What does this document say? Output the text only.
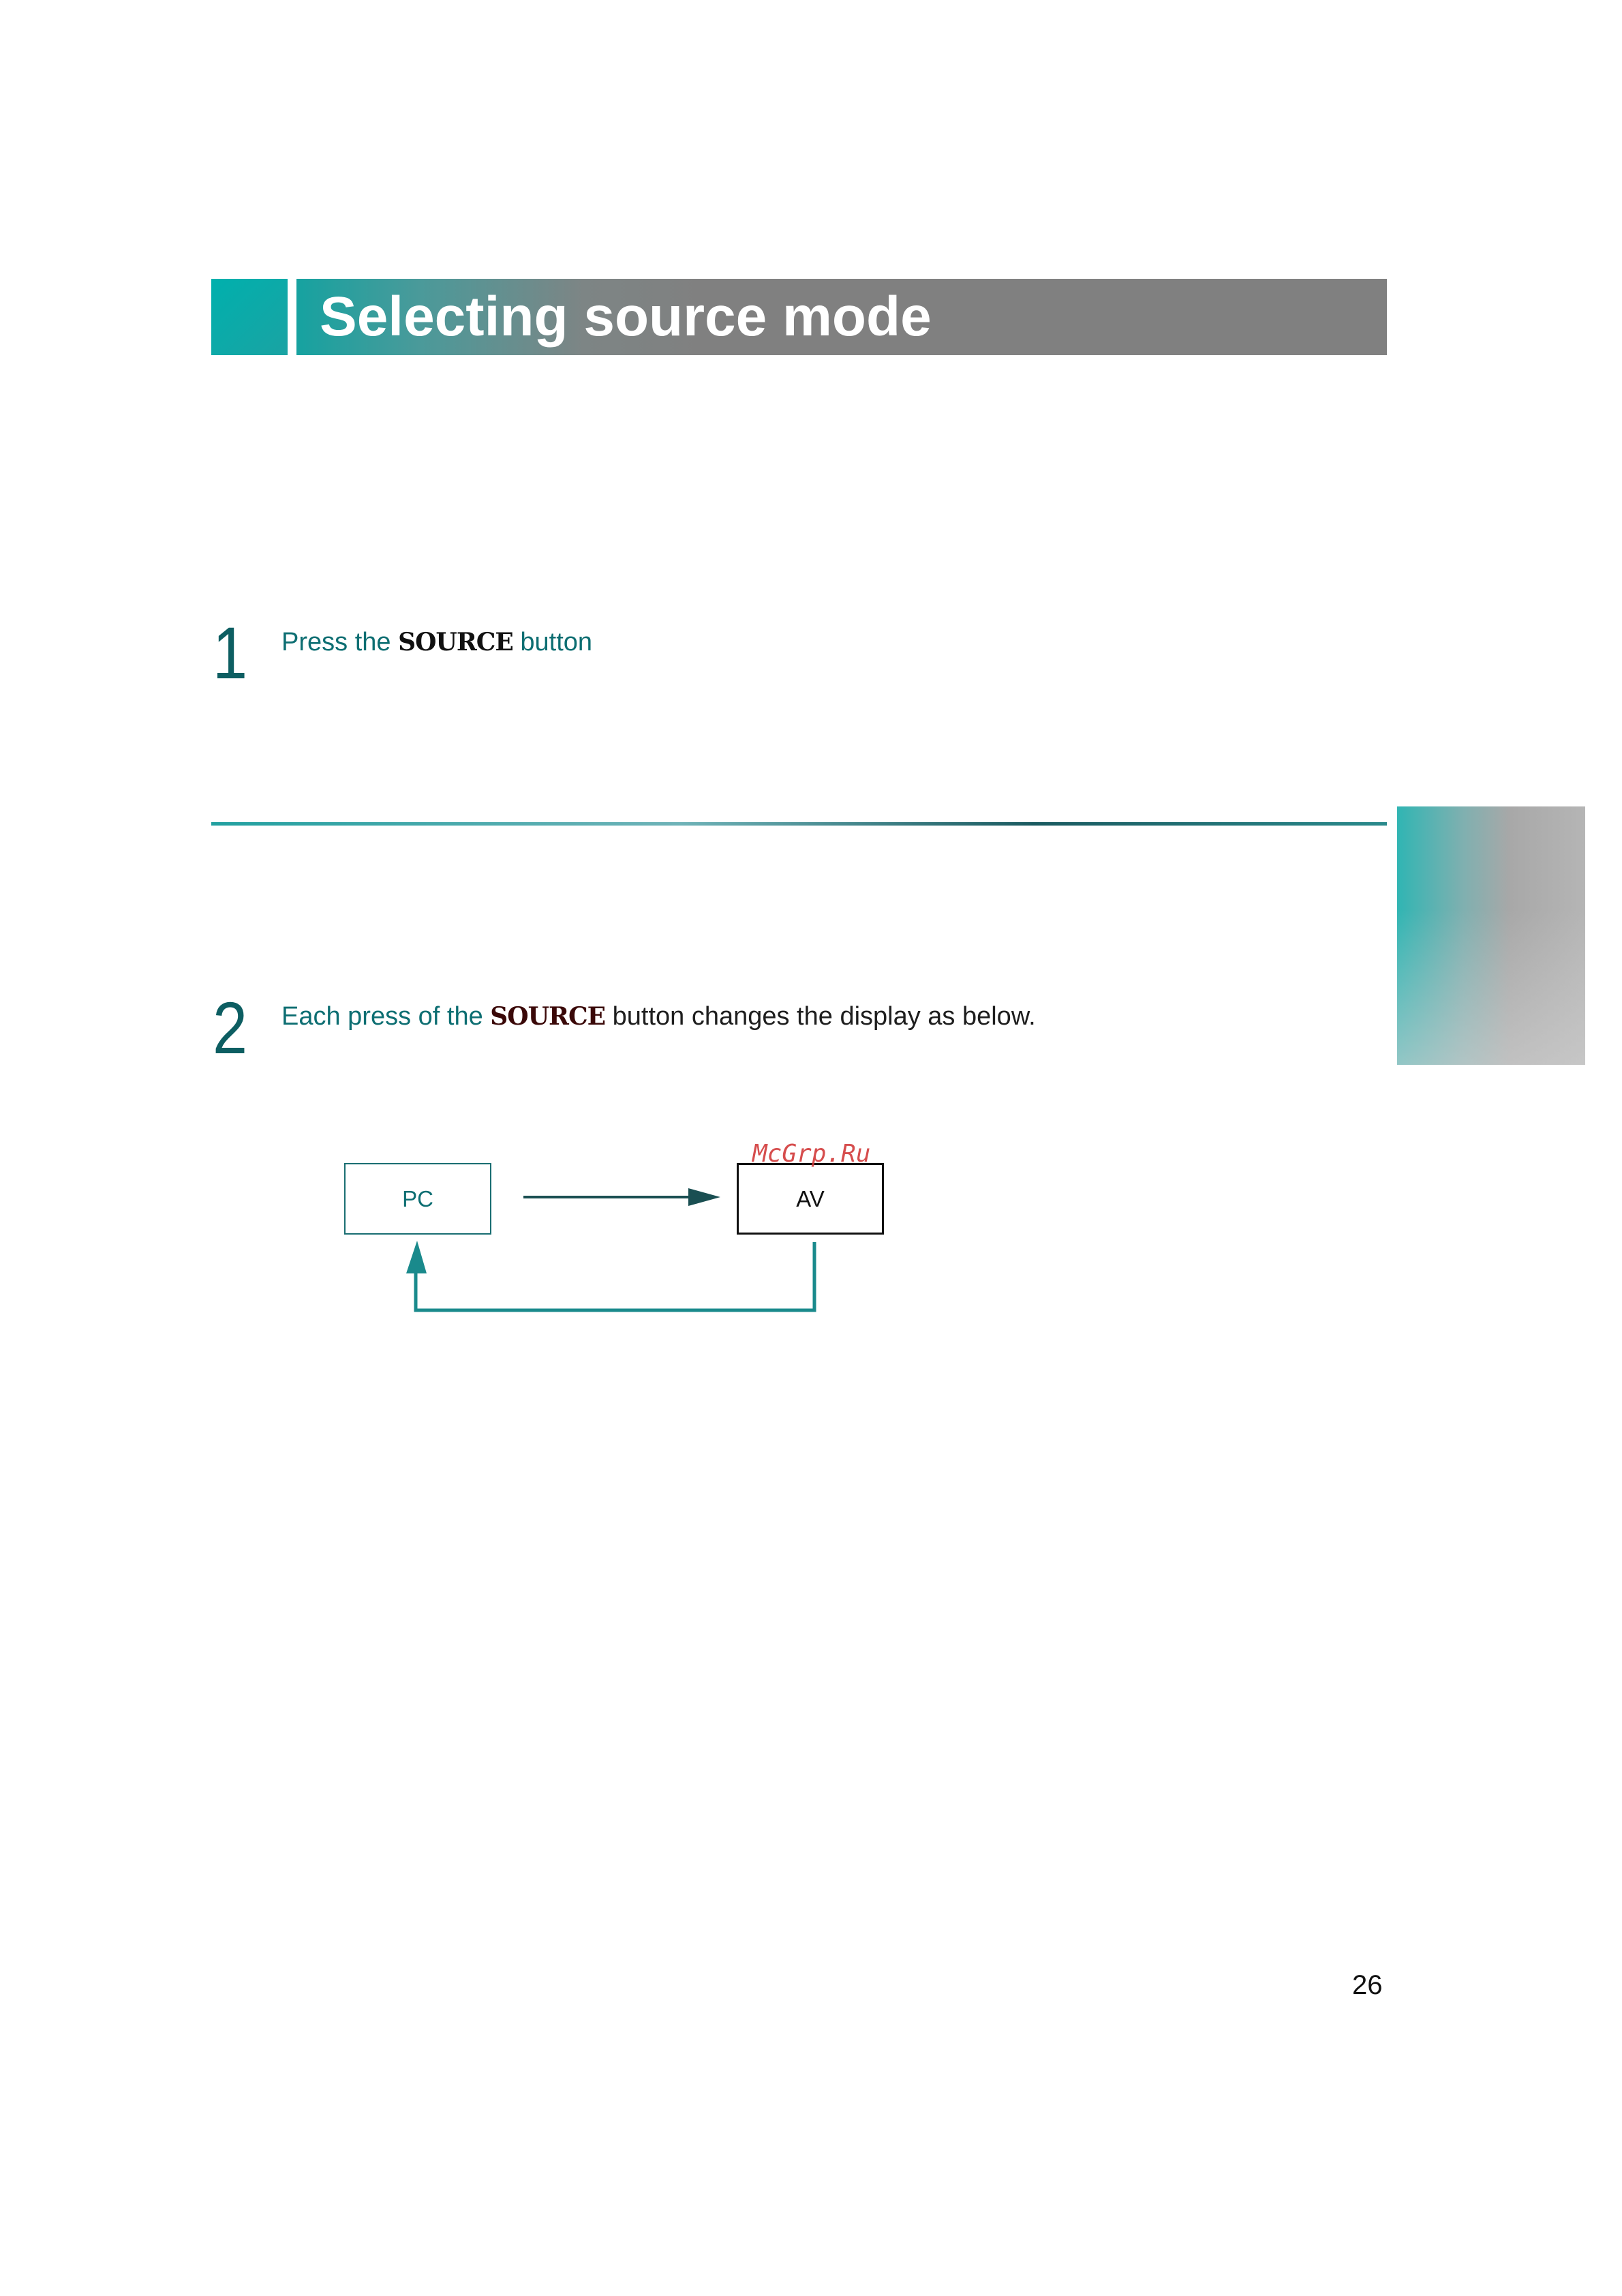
Selecting source mode
1 Press the SOURCE button
2 Each press of the SOURCE button changes the display as below.
PC	AV
McGrp.Ru
26
